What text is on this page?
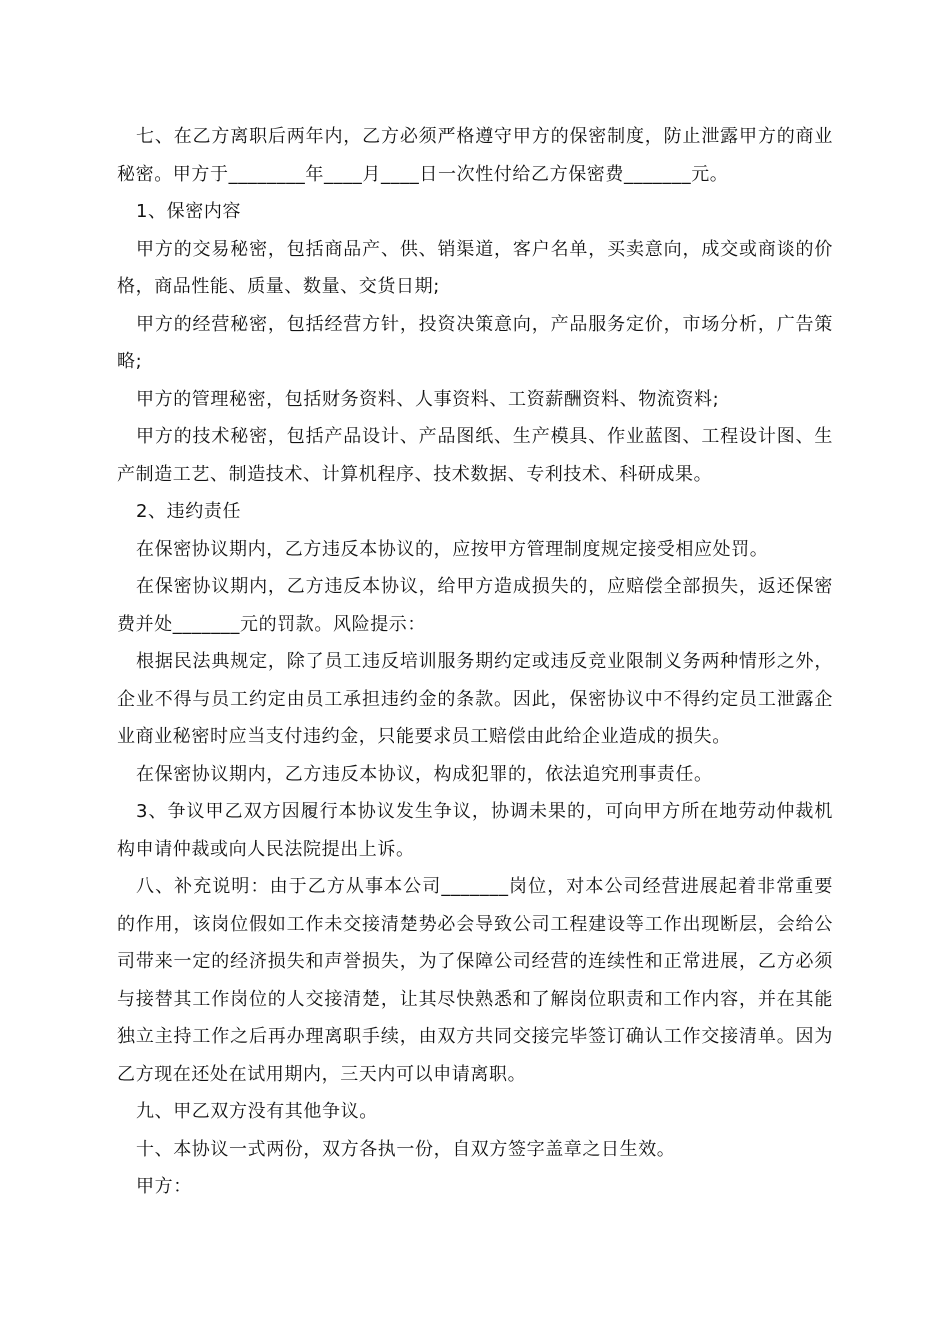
七、在乙方离职后两年内，乙方必须严格遵守甲方的保密制度，防止泄露甲方的商业秘密。甲方于________年____月____日一次性付给乙方保密费_______元。

1、保密内容

甲方的交易秘密，包括商品产、供、销渠道，客户名单，买卖意向，成交或商谈的价格，商品性能、质量、数量、交货日期;

甲方的经营秘密，包括经营方针，投资决策意向，产品服务定价，市场分析，广告策略;

甲方的管理秘密，包括财务资料、人事资料、工资薪酬资料、物流资料;

甲方的技术秘密，包括产品设计、产品图纸、生产模具、作业蓝图、工程设计图、生产制造工艺、制造技术、计算机程序、技术数据、专利技术、科研成果。

2、违约责任

在保密协议期内，乙方违反本协议的，应按甲方管理制度规定接受相应处罚。

在保密协议期内，乙方违反本协议，给甲方造成损失的，应赔偿全部损失，返还保密费并处_______元的罚款。风险提示：

根据民法典规定，除了员工违反培训服务期约定或违反竞业限制义务两种情形之外，企业不得与员工约定由员工承担违约金的条款。因此，保密协议中不得约定员工泄露企业商业秘密时应当支付违约金，只能要求员工赔偿由此给企业造成的损失。

在保密协议期内，乙方违反本协议，构成犯罪的，依法追究刑事责任。

3、争议甲乙双方因履行本协议发生争议，协调未果的，可向甲方所在地劳动仲裁机构申请仲裁或向人民法院提出上诉。

八、补充说明：由于乙方从事本公司_______岗位，对本公司经营进展起着非常重要的作用，该岗位假如工作未交接清楚势必会导致公司工程建设等工作出现断层，会给公司带来一定的经济损失和声誉损失，为了保障公司经营的连续性和正常进展，乙方必须与接替其工作岗位的人交接清楚，让其尽快熟悉和了解岗位职责和工作内容，并在其能独立主持工作之后再办理离职手续，由双方共同交接完毕签订确认工作交接清单。因为乙方现在还处在试用期内，三天内可以申请离职。

九、甲乙双方没有其他争议。

十、本协议一式两份，双方各执一份，自双方签字盖章之日生效。

甲方：
